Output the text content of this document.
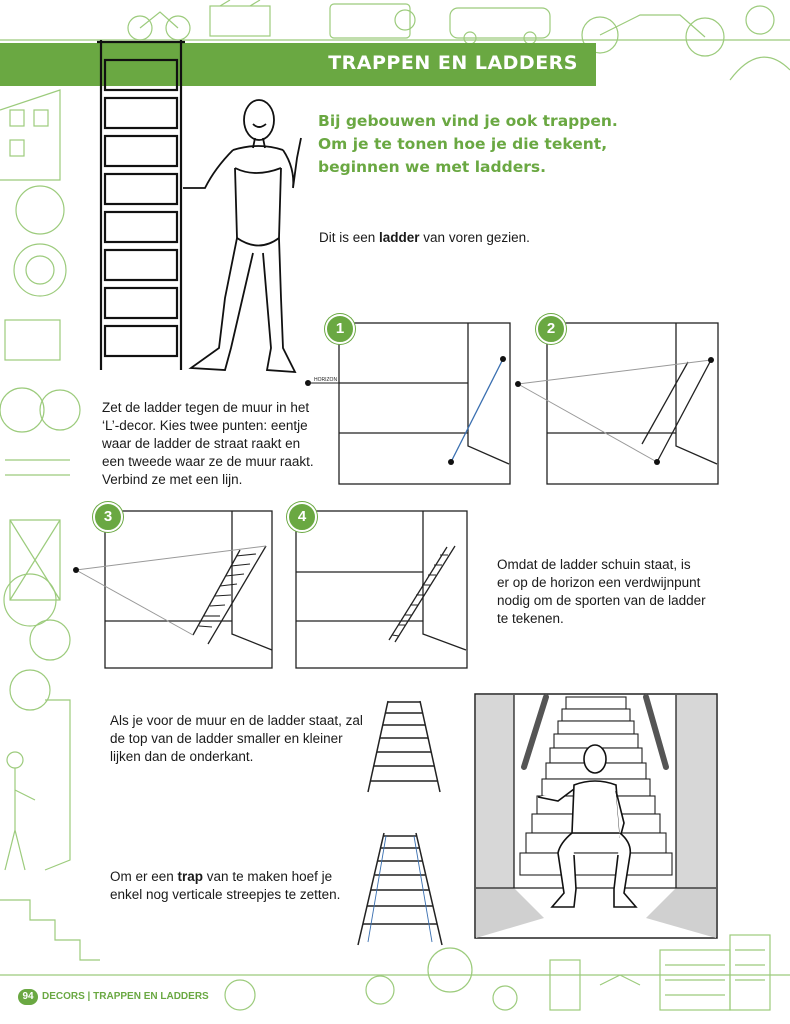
TRAPPEN EN LADDERS
Bij gebouwen vind je ook trappen.
Om je te tonen hoe je die tekent,
beginnen we met ladders.
Dit is een ladder van voren gezien.
HORIZON
Zet de ladder tegen de muur in het
‘L’-decor. Kies twee punten: eentje
waar de ladder de straat raakt en
een tweede waar ze de muur raakt.
Verbind ze met een lijn.
1	2
3	4
Omdat de ladder schuin staat, is
er op de horizon een verdwijnpunt
nodig om de sporten van de ladder
te tekenen.
Als je voor de muur en de ladder staat, zal
de top van de ladder smaller en kleiner
lijken dan de onderkant.
Om er een trap van te maken hoef je
enkel nog verticale streepjes te zetten.
94 DECORS | TRAPPEN EN LADDERS
